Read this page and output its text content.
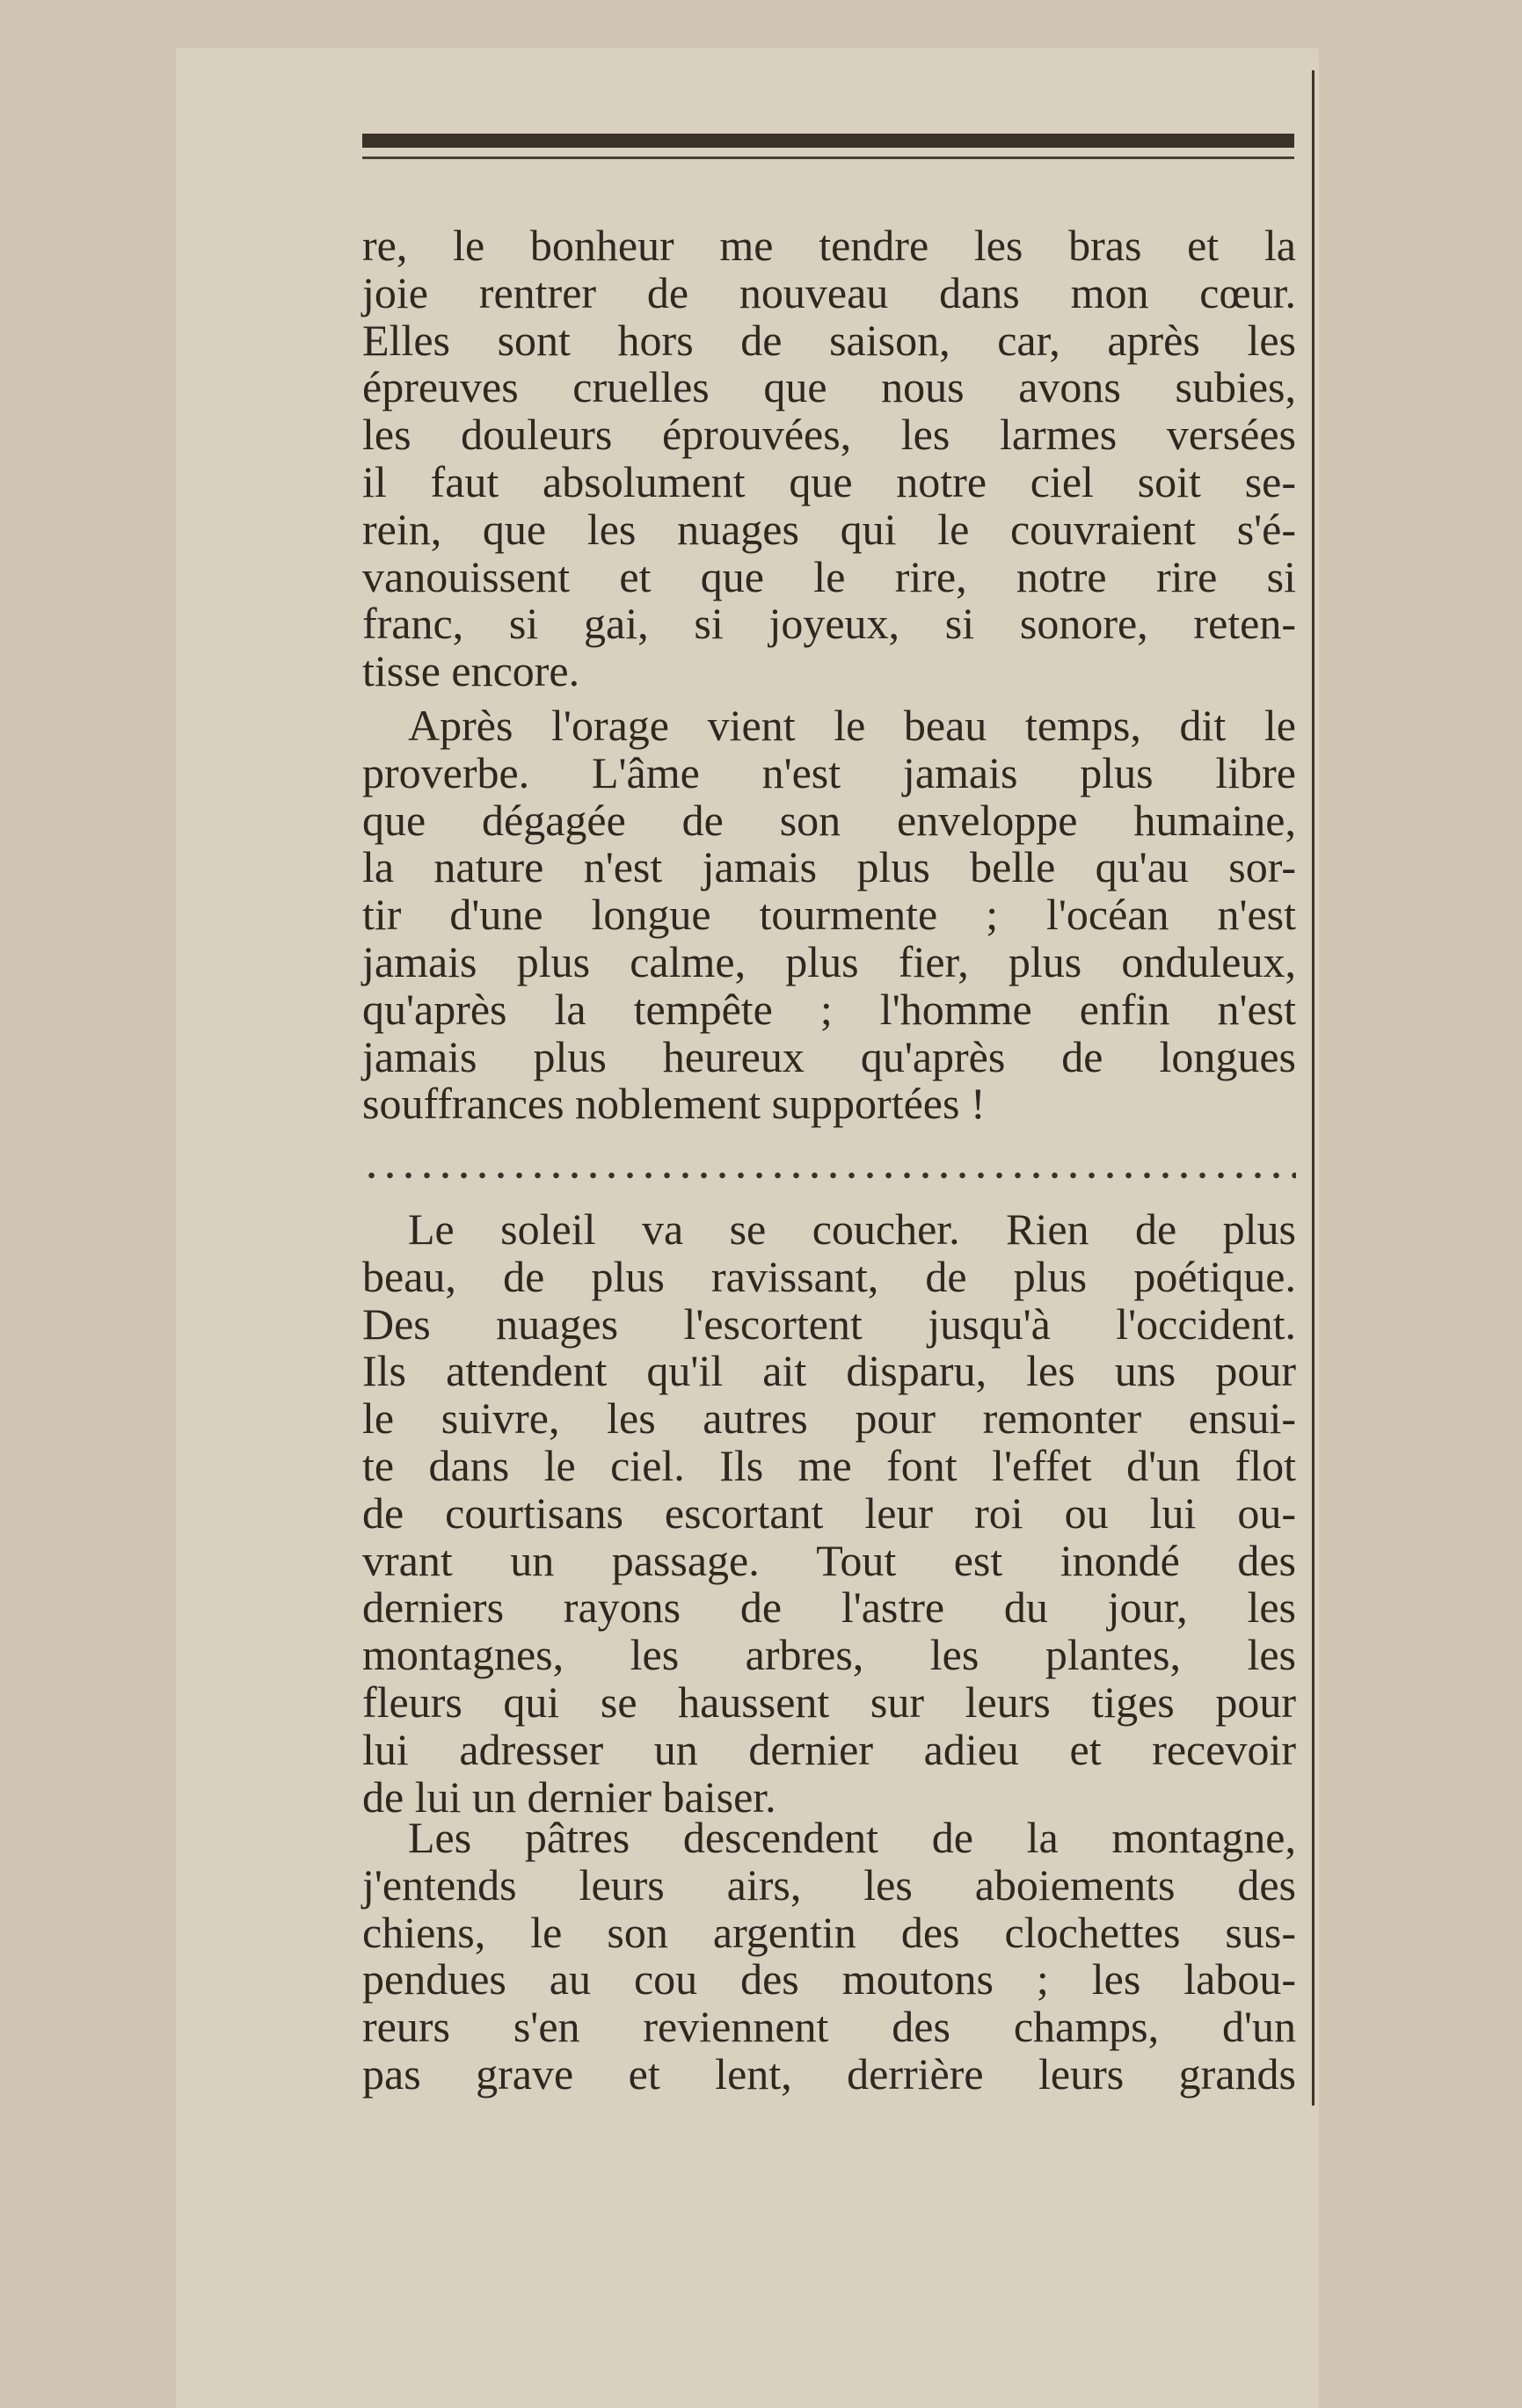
re, le bonheur me tendre les bras et la
joie rentrer de nouveau dans mon cœur.
Elles sont hors de saison, car, après les
épreuves cruelles que nous avons subies,
les douleurs éprouvées, les larmes versées
il faut absolument que notre ciel soit se-
rein, que les nuages qui le couvraient s'é-
vanouissent et que le rire, notre rire si
franc, si gai, si joyeux, si sonore, reten-
tisse encore.
Après l'orage vient le beau temps, dit le
proverbe. L'âme n'est jamais plus libre
que dégagée de son enveloppe humaine,
la nature n'est jamais plus belle qu'au sor-
tir d'une longue tourmente ; l'océan n'est
jamais plus calme, plus fier, plus onduleux,
qu'après la tempête ; l'homme enfin n'est
jamais plus heureux qu'après de longues
souffrances noblement supportées !
Le soleil va se coucher. Rien de plus
beau, de plus ravissant, de plus poétique.
Des nuages l'escortent jusqu'à l'occident.
Ils attendent qu'il ait disparu, les uns pour
le suivre, les autres pour remonter ensui-
te dans le ciel. Ils me font l'effet d'un flot
de courtisans escortant leur roi ou lui ou-
vrant un passage. Tout est inondé des
derniers rayons de l'astre du jour, les
montagnes, les arbres, les plantes, les
fleurs qui se haussent sur leurs tiges pour
lui adresser un dernier adieu et recevoir
de lui un dernier baiser.
Les pâtres descendent de la montagne,
j'entends leurs airs, les aboiements des
chiens, le son argentin des clochettes sus-
pendues au cou des moutons ; les labou-
reurs s'en reviennent des champs, d'un
pas grave et lent, derrière leurs grands
